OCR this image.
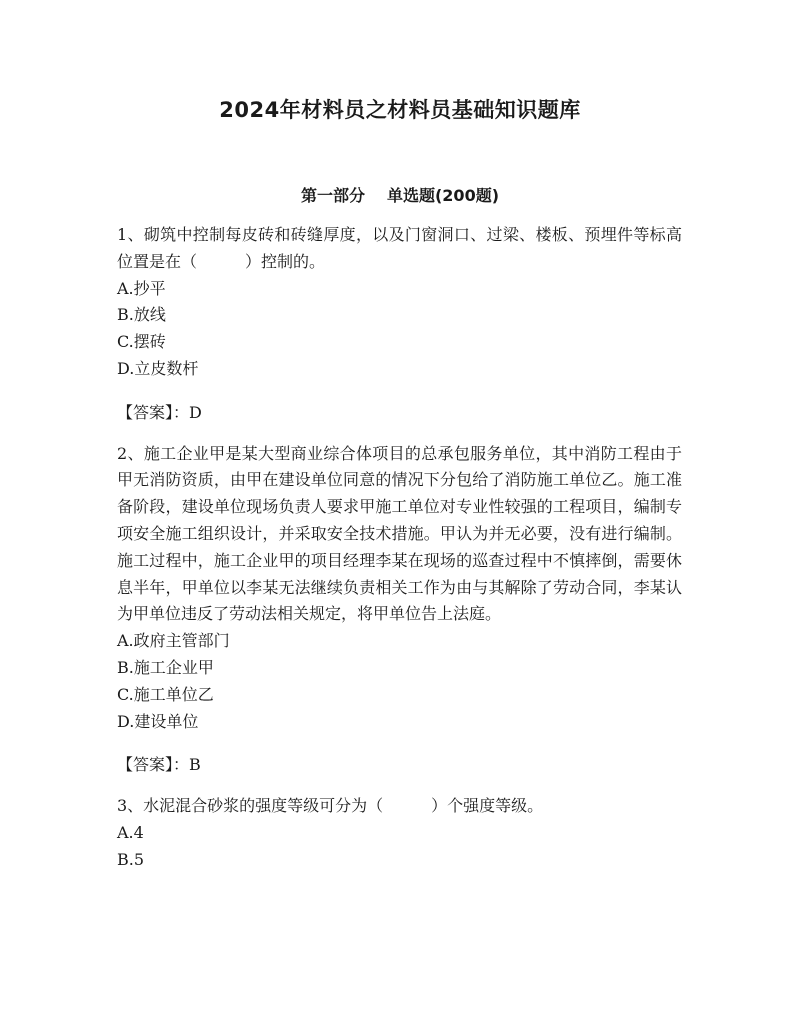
2024年材料员之材料员基础知识题库
第一部分 单选题(200题)

1、砌筑中控制每皮砖和砖缝厚度，以及门窗洞口、过梁、楼板、预埋件等标高位置是在（　　　）控制的。

A.抄平

B.放线

C.摆砖

D.立皮数杆

【答案】：D

2、施工企业甲是某大型商业综合体项目的总承包服务单位，其中消防工程由于甲无消防资质，由甲在建设单位同意的情况下分包给了消防施工单位乙。施工准备阶段，建设单位现场负责人要求甲施工单位对专业性较强的工程项目，编制专项安全施工组织设计，并采取安全技术措施。甲认为并无必要，没有进行编制。施工过程中，施工企业甲的项目经理李某在现场的巡查过程中不慎摔倒，需要休息半年，甲单位以李某无法继续负责相关工作为由与其解除了劳动合同，李某认为甲单位违反了劳动法相关规定，将甲单位告上法庭。

A.政府主管部门

B.施工企业甲

C.施工单位乙

D.建设单位

【答案】：B

3、水泥混合砂浆的强度等级可分为（　　　）个强度等级。

A.4

B.5
